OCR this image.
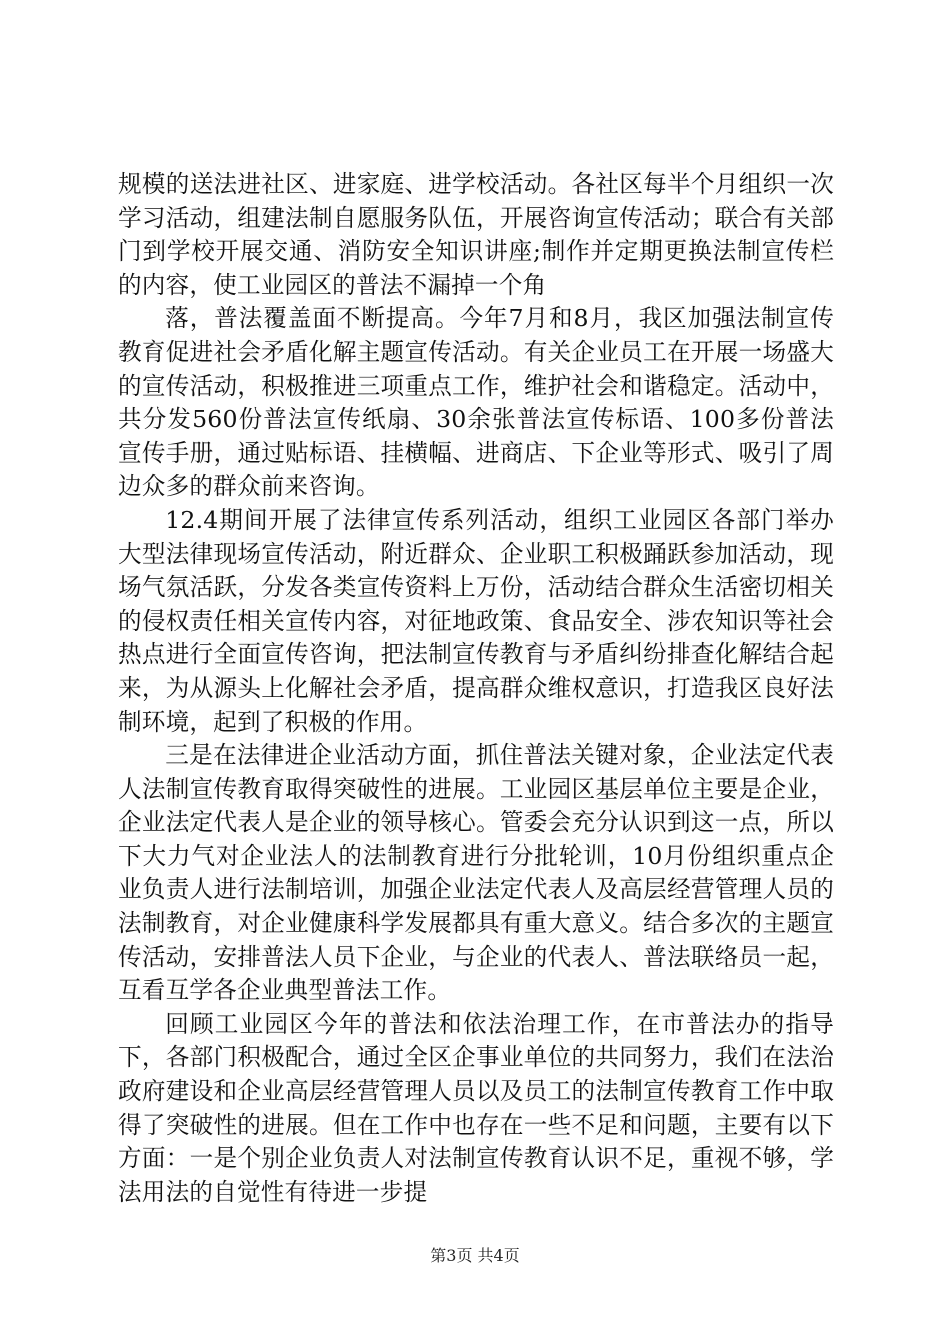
规模的送法进社区、进家庭、进学校活动。各社区每半个月组织一次学习活动，组建法制自愿服务队伍，开展咨询宣传活动；联合有关部门到学校开展交通、消防安全知识讲座;制作并定期更换法制宣传栏的内容，使工业园区的普法不漏掉一个角

落，普法覆盖面不断提高。今年7月和8月，我区加强法制宣传教育促进社会矛盾化解主题宣传活动。有关企业员工在开展一场盛大的宣传活动，积极推进三项重点工作，维护社会和谐稳定。活动中，共分发560份普法宣传纸扇、30余张普法宣传标语、100多份普法宣传手册，通过贴标语、挂横幅、进商店、下企业等形式、吸引了周边众多的群众前来咨询。

12.4期间开展了法律宣传系列活动，组织工业园区各部门举办大型法律现场宣传活动，附近群众、企业职工积极踊跃参加活动，现场气氛活跃，分发各类宣传资料上万份，活动结合群众生活密切相关的侵权责任相关宣传内容，对征地政策、食品安全、涉农知识等社会热点进行全面宣传咨询，把法制宣传教育与矛盾纠纷排查化解结合起来，为从源头上化解社会矛盾，提高群众维权意识，打造我区良好法制环境，起到了积极的作用。

三是在法律进企业活动方面，抓住普法关键对象，企业法定代表人法制宣传教育取得突破性的进展。工业园区基层单位主要是企业，企业法定代表人是企业的领导核心。管委会充分认识到这一点，所以下大力气对企业法人的法制教育进行分批轮训，10月份组织重点企业负责人进行法制培训，加强企业法定代表人及高层经营管理人员的法制教育，对企业健康科学发展都具有重大意义。结合多次的主题宣传活动，安排普法人员下企业，与企业的代表人、普法联络员一起，互看互学各企业典型普法工作。

回顾工业园区今年的普法和依法治理工作，在市普法办的指导下，各部门积极配合，通过全区企事业单位的共同努力，我们在法治政府建设和企业高层经营管理人员以及员工的法制宣传教育工作中取得了突破性的进展。但在工作中也存在一些不足和问题，主要有以下方面：一是个别企业负责人对法制宣传教育认识不足，重视不够，学法用法的自觉性有待进一步提

第3页 共4页
